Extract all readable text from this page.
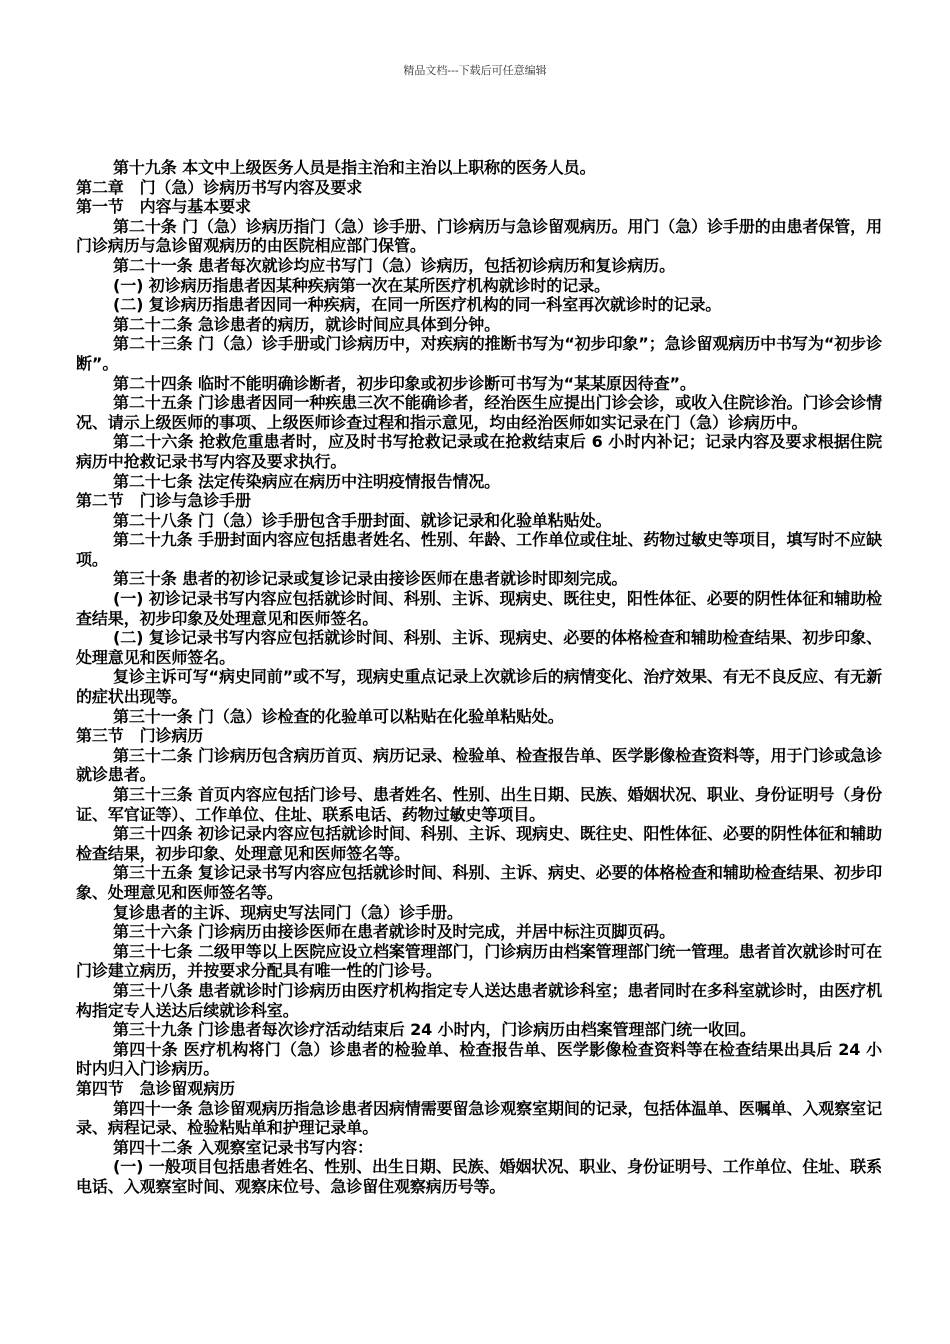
精品文档---下载后可任意编辑

第十九条 本文中上级医务人员是指主治和主治以上职称的医务人员。

第二章　门（急）诊病历书写内容及要求

第一节　内容与基本要求

第二十条 门（急）诊病历指门（急）诊手册、门诊病历与急诊留观病历。用门（急）诊手册的由患者保管，用门诊病历与急诊留观病历的由医院相应部门保管。

第二十一条 患者每次就诊均应书写门（急）诊病历，包括初诊病历和复诊病历。

(一) 初诊病历指患者因某种疾病第一次在某所医疗机构就诊时的记录。

(二) 复诊病历指患者因同一种疾病，在同一所医疗机构的同一科室再次就诊时的记录。

第二十二条 急诊患者的病历，就诊时间应具体到分钟。

第二十三条 门（急）诊手册或门诊病历中，对疾病的推断书写为“初步印象”；急诊留观病历中书写为“初步诊断”。

第二十四条 临时不能明确诊断者，初步印象或初步诊断可书写为“某某原因待查”。

第二十五条 门诊患者因同一种疾患三次不能确诊者，经治医生应提出门诊会诊，或收入住院诊治。门诊会诊情况、请示上级医师的事项、上级医师诊查过程和指示意见，均由经治医师如实记录在门（急）诊病历中。

第二十六条 抢救危重患者时，应及时书写抢救记录或在抢救结束后 6 小时内补记；记录内容及要求根据住院病历中抢救记录书写内容及要求执行。

第二十七条 法定传染病应在病历中注明疫情报告情况。

第二节　门诊与急诊手册

第二十八条 门（急）诊手册包含手册封面、就诊记录和化验单粘贴处。

第二十九条 手册封面内容应包括患者姓名、性别、年龄、工作单位或住址、药物过敏史等项目，填写时不应缺项。

第三十条 患者的初诊记录或复诊记录由接诊医师在患者就诊时即刻完成。

(一) 初诊记录书写内容应包括就诊时间、科别、主诉、现病史、既往史，阳性体征、必要的阴性体征和辅助检查结果，初步印象及处理意见和医师签名。

(二) 复诊记录书写内容应包括就诊时间、科别、主诉、现病史、必要的体格检查和辅助检查结果、初步印象、处理意见和医师签名。

复诊主诉可写“病史同前”或不写，现病史重点记录上次就诊后的病情变化、治疗效果、有无不良反应、有无新的症状出现等。

第三十一条 门（急）诊检查的化验单可以粘贴在化验单粘贴处。

第三节　门诊病历

第三十二条 门诊病历包含病历首页、病历记录、检验单、检查报告单、医学影像检查资料等，用于门诊或急诊就诊患者。

第三十三条 首页内容应包括门诊号、患者姓名、性别、出生日期、民族、婚姻状况、职业、身份证明号（身份证、军官证等）、工作单位、住址、联系电话、药物过敏史等项目。

第三十四条 初诊记录内容应包括就诊时间、科别、主诉、现病史、既往史、阳性体征、必要的阴性体征和辅助检查结果，初步印象、处理意见和医师签名等。

第三十五条 复诊记录书写内容应包括就诊时间、科别、主诉、病史、必要的体格检查和辅助检查结果、初步印象、处理意见和医师签名等。

复诊患者的主诉、现病史写法同门（急）诊手册。

第三十六条 门诊病历由接诊医师在患者就诊时及时完成，并居中标注页脚页码。

第三十七条 二级甲等以上医院应设立档案管理部门，门诊病历由档案管理部门统一管理。患者首次就诊时可在门诊建立病历，并按要求分配具有唯一性的门诊号。

第三十八条 患者就诊时门诊病历由医疗机构指定专人送达患者就诊科室；患者同时在多科室就诊时，由医疗机构指定专人送达后续就诊科室。

第三十九条 门诊患者每次诊疗活动结束后 24 小时内，门诊病历由档案管理部门统一收回。

第四十条 医疗机构将门（急）诊患者的检验单、检查报告单、医学影像检查资料等在检查结果出具后 24 小时内归入门诊病历。

第四节　急诊留观病历

第四十一条 急诊留观病历指急诊患者因病情需要留急诊观察室期间的记录，包括体温单、医嘱单、入观察室记录、病程记录、检验粘贴单和护理记录单。

第四十二条 入观察室记录书写内容：

(一) 一般项目包括患者姓名、性别、出生日期、民族、婚姻状况、职业、身份证明号、工作单位、住址、联系电话、入观察室时间、观察床位号、急诊留住观察病历号等。
